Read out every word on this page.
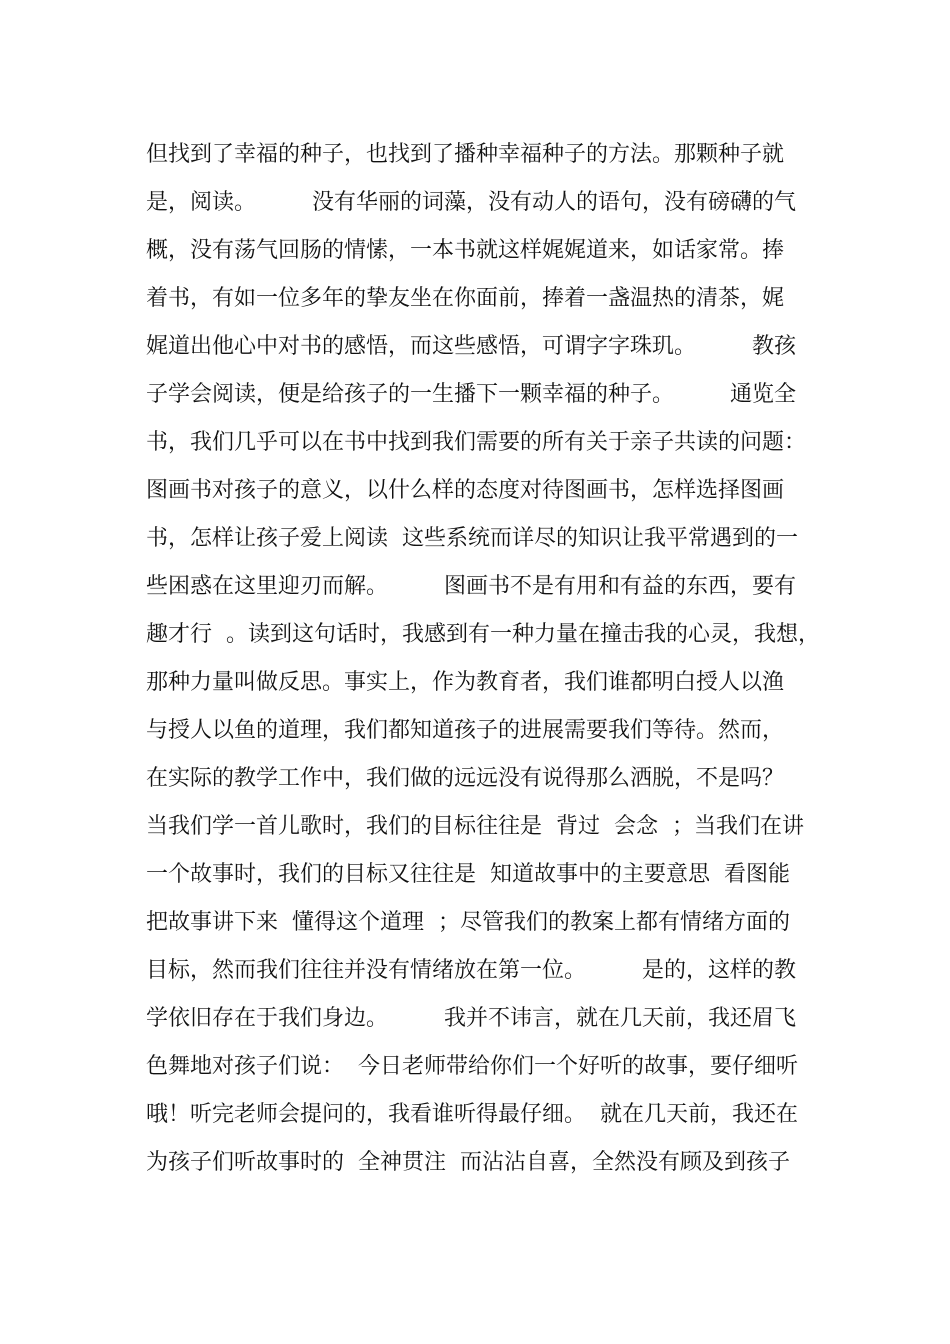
但找到了幸福的种子，也找到了播种幸福种子的方法。那颗种子就
是，阅读。        没有华丽的词藻，没有动人的语句，没有磅礴的气
概，没有荡气回肠的情愫，一本书就这样娓娓道来，如话家常。捧
着书，有如一位多年的挚友坐在你面前，捧着一盏温热的清茶，娓
娓道出他心中对书的感悟，而这些感悟，可谓字字珠玑。        教孩
子学会阅读，便是给孩子的一生播下一颗幸福的种子。        通览全
书，我们几乎可以在书中找到我们需要的所有关于亲子共读的问题：
图画书对孩子的意义，以什么样的态度对待图画书，怎样选择图画
书，怎样让孩子爱上阅读  这些系统而详尽的知识让我平常遇到的一
些困惑在这里迎刃而解。        图画书不是有用和有益的东西，要有
趣才行  。读到这句话时，我感到有一种力量在撞击我的心灵，我想，
那种力量叫做反思。事实上，作为教育者，我们谁都明白授人以渔
与授人以鱼的道理，我们都知道孩子的进展需要我们等待。然而，
在实际的教学工作中，我们做的远远没有说得那么洒脱，不是吗？
当我们学一首儿歌时，我们的目标往往是  背过  会念  ；当我们在讲
一个故事时，我们的目标又往往是  知道故事中的主要意思  看图能
把故事讲下来  懂得这个道理  ；尽管我们的教案上都有情绪方面的
目标，然而我们往往并没有情绪放在第一位。        是的，这样的教
学依旧存在于我们身边。        我并不讳言，就在几天前，我还眉飞
色舞地对孩子们说：  今日老师带给你们一个好听的故事，要仔细听
哦！听完老师会提问的，我看谁听得最仔细。  就在几天前，我还在
为孩子们听故事时的  全神贯注  而沾沾自喜，全然没有顾及到孩子
